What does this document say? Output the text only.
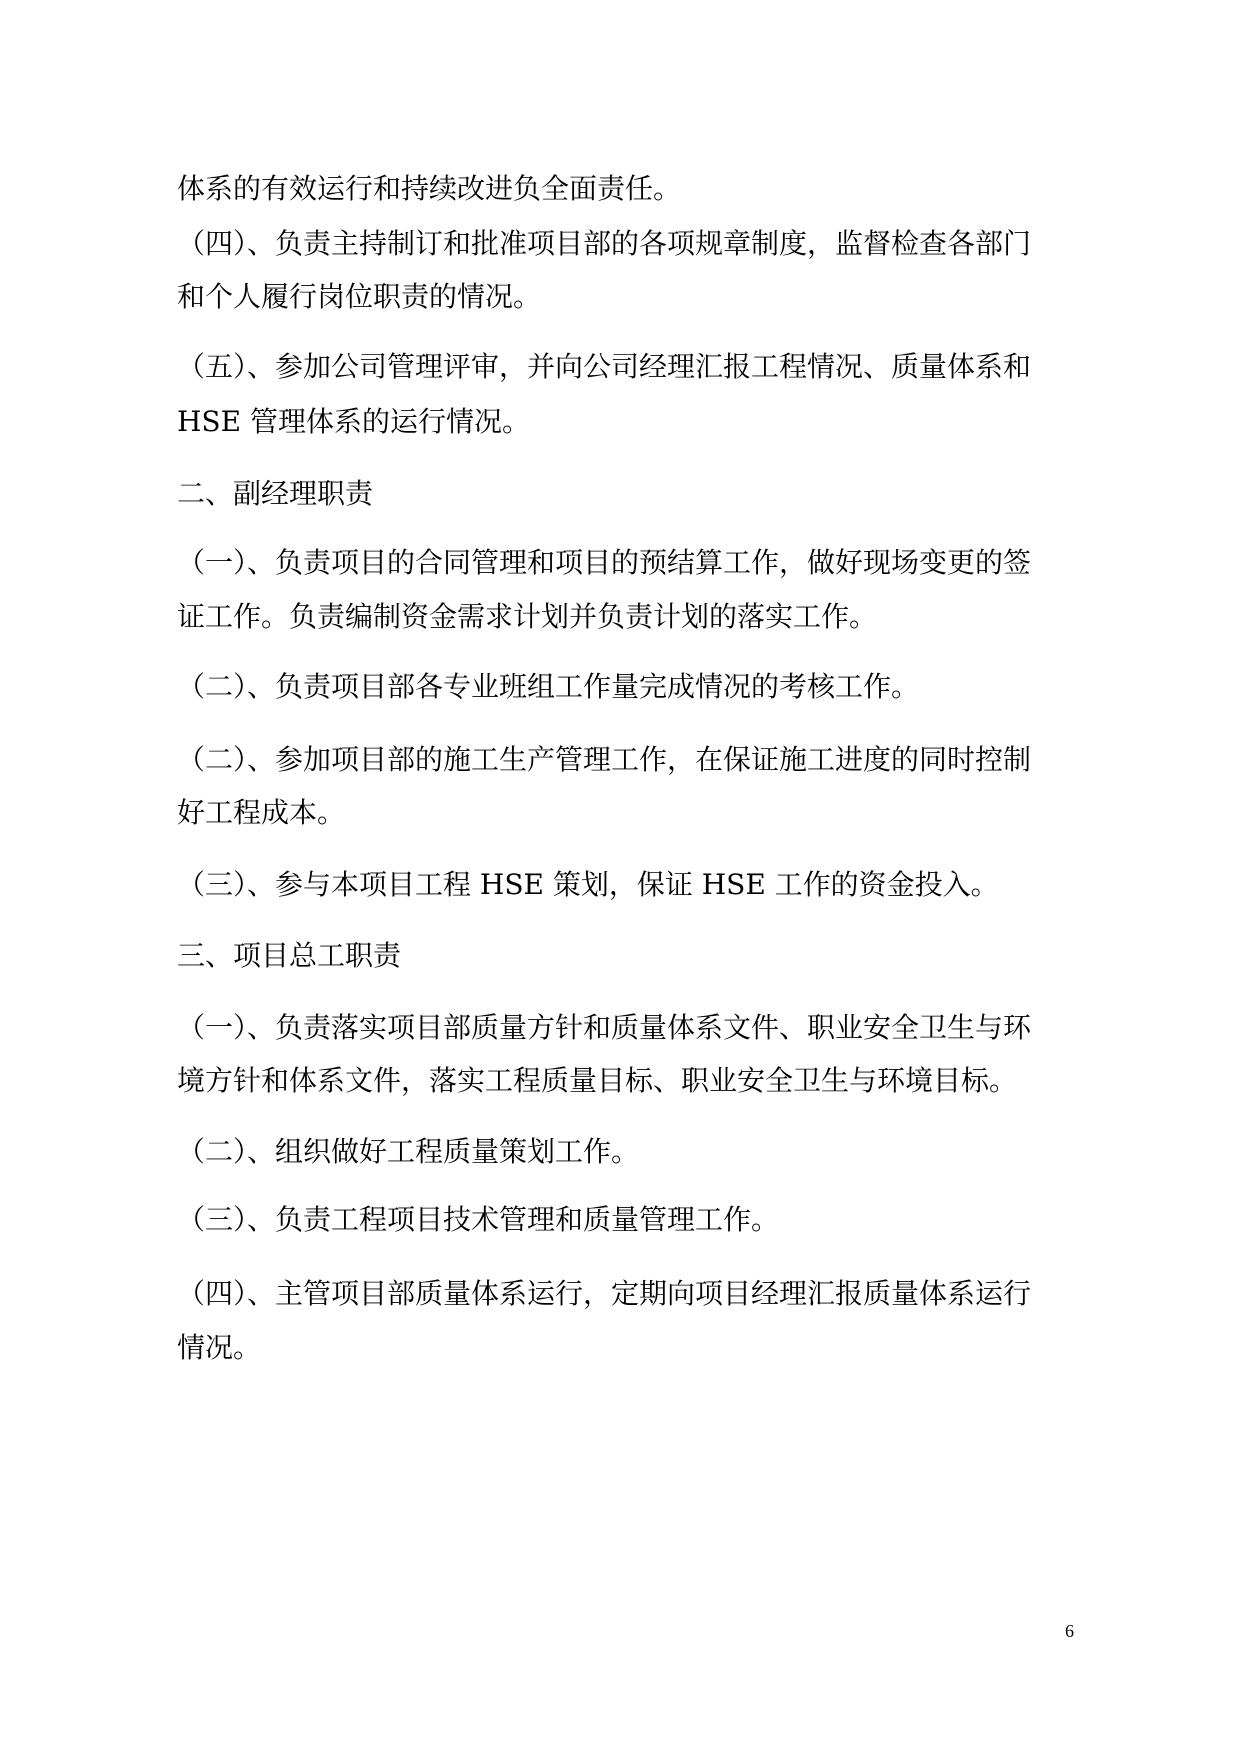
体系的有效运行和持续改进负全面责任。
（四）、负责主持制订和批准项目部的各项规章制度，监督检查各部门
和个人履行岗位职责的情况。
（五）、参加公司管理评审，并向公司经理汇报工程情况、质量体系和
HSE 管理体系的运行情况。
二、副经理职责
（一）、负责项目的合同管理和项目的预结算工作，做好现场变更的签
证工作。负责编制资金需求计划并负责计划的落实工作。
（二）、负责项目部各专业班组工作量完成情况的考核工作。
（二）、参加项目部的施工生产管理工作，在保证施工进度的同时控制
好工程成本。
（三）、参与本项目工程 HSE 策划，保证 HSE 工作的资金投入。
三、项目总工职责
（一）、负责落实项目部质量方针和质量体系文件、职业安全卫生与环
境方针和体系文件，落实工程质量目标、职业安全卫生与环境目标。
（二）、组织做好工程质量策划工作。
（三）、负责工程项目技术管理和质量管理工作。
（四）、主管项目部质量体系运行，定期向项目经理汇报质量体系运行
情况。
6
